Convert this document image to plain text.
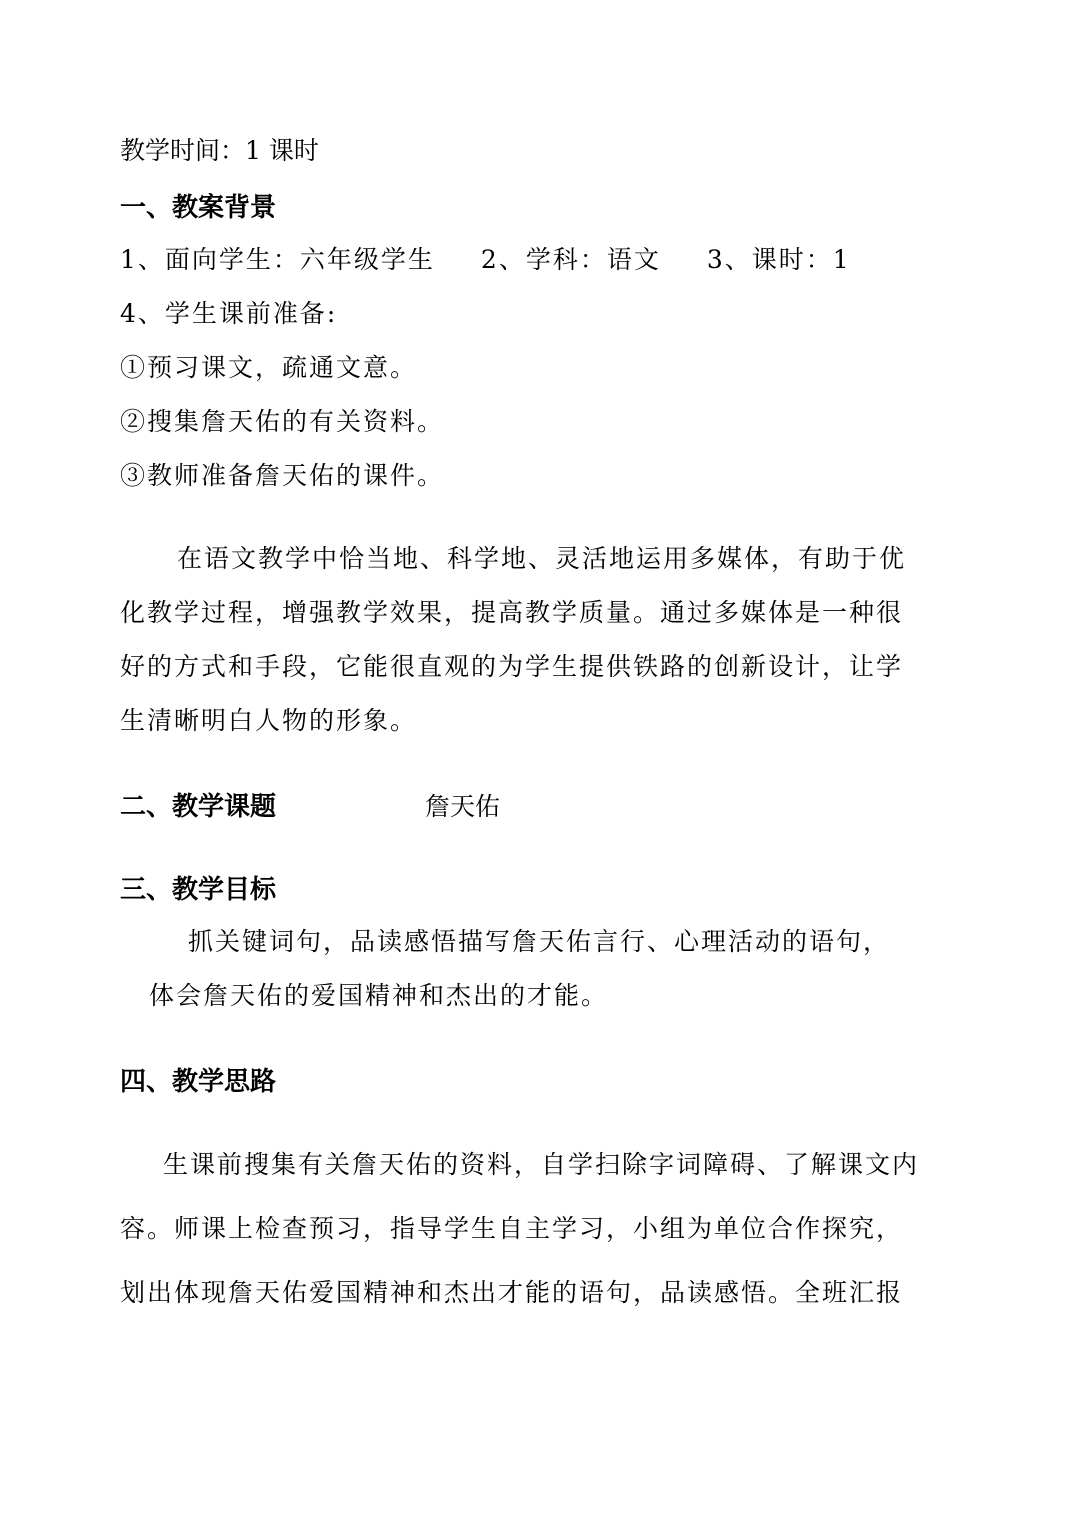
教学时间：1 课时
一、教案背景
1、面向学生：六年级学生 2、学科：语文 3、课时：1
4、学生课前准备:
①预习课文，疏通文意。
②搜集詹天佑的有关资料。
③教师准备詹天佑的课件。
在语文教学中恰当地、科学地、灵活地运用多媒体，有助于优
化教学过程，增强教学效果，提高教学质量。通过多媒体是一种很
好的方式和手段，它能很直观的为学生提供铁路的创新设计，让学
生清晰明白人物的形象。
二、教学课题	詹天佑
三、教学目标
抓关键词句，品读感悟描写詹天佑言行、心理活动的语句，
体会詹天佑的爱国精神和杰出的才能。
四、教学思路
生课前搜集有关詹天佑的资料，自学扫除字词障碍、了解课文内
容。师课上检查预习，指导学生自主学习，小组为单位合作探究，
划出体现詹天佑爱国精神和杰出才能的语句，品读感悟。全班汇报
